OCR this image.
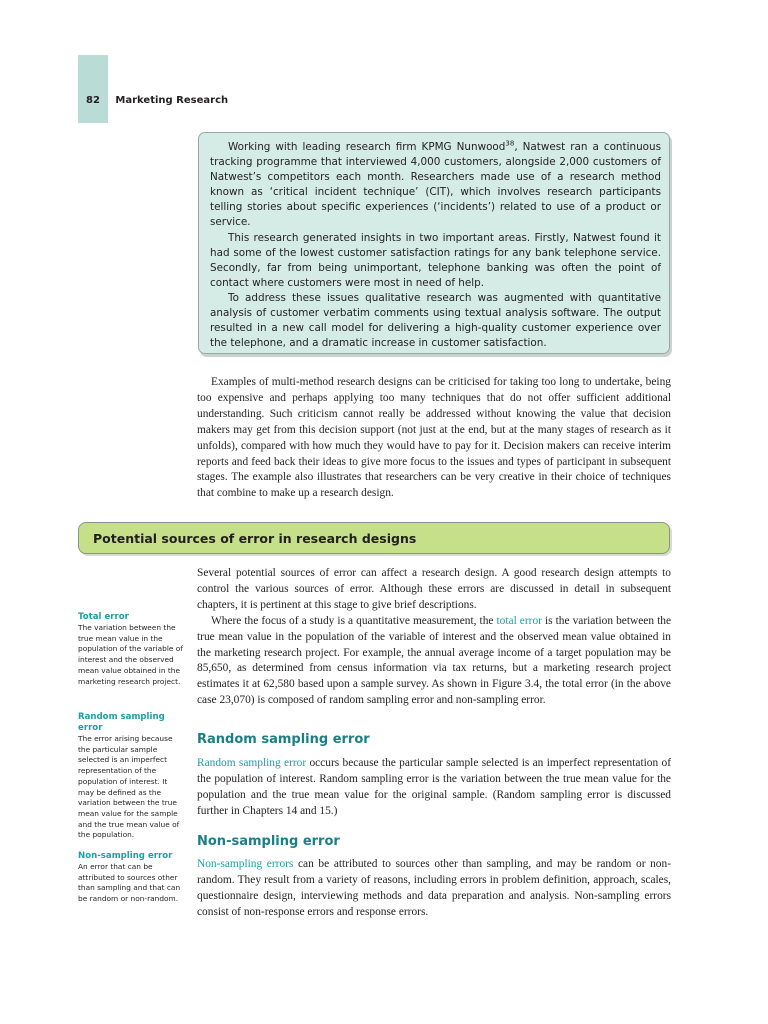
82 Marketing Research

Working with leading research firm KPMG Nunwood$^{38}$, Natwest ran a continuous tracking programme that interviewed 4,000 customers, alongside 2,000 customers of Natwest’s competitors each month. Researchers made use of a research method known as ‘critical incident technique’ (CIT), which involves research participants telling stories about specific experiences (‘incidents’) related to use of a product or service.

This research generated insights in two important areas. Firstly, Natwest found it had some of the lowest customer satisfaction ratings for any bank telephone service. Secondly, far from being unimportant, telephone banking was often the point of contact where customers were most in need of help.

To address these issues qualitative research was augmented with quantitative analysis of customer verbatim comments using textual analysis software. The output resulted in a new call model for delivering a high-quality customer experience over the telephone, and a dramatic increase in customer satisfaction.

Examples of multi-method research designs can be criticised for taking too long to undertake, being too expensive and perhaps applying too many techniques that do not offer sufficient additional understanding. Such criticism cannot really be addressed without knowing the value that decision makers may get from this decision support (not just at the end, but at the many stages of research as it unfolds), compared with how much they would have to pay for it. Decision makers can receive interim reports and feed back their ideas to give more focus to the issues and types of participant in subsequent stages. The example also illustrates that researchers can be very creative in their choice of techniques that combine to make up a research design.

Potential sources of error in research designs

Several potential sources of error can affect a research design. A good research design attempts to control the various sources of error. Although these errors are discussed in detail in subsequent chapters, it is pertinent at this stage to give brief descriptions.

Where the focus of a study is a quantitative measurement, the total error is the variation between the true mean value in the population of the variable of interest and the observed mean value obtained in the marketing research project. For example, the annual average income of a target population may be 85,650, as determined from census information via tax returns, but a marketing research project estimates it at 62,580 based upon a sample survey. As shown in Figure 3.4, the total error (in the above case 23,070) is composed of random sampling error and non-sampling error.

Random sampling error

Random sampling error occurs because the particular sample selected is an imperfect representation of the population of interest. Random sampling error is the variation between the true mean value for the population and the true mean value for the original sample. (Random sampling error is discussed further in Chapters 14 and 15.)

Non-sampling error

Non-sampling errors can be attributed to sources other than sampling, and may be random or non-random. They result from a variety of reasons, including errors in problem definition, approach, scales, questionnaire design, interviewing methods and data preparation and analysis. Non-sampling errors consist of non-response errors and response errors.

Total error

The variation between the true mean value in the population of the variable of interest and the observed mean value obtained in the marketing research project.

Random sampling error

The error arising because the particular sample selected is an imperfect representation of the population of interest. It may be defined as the variation between the true mean value for the sample and the true mean value of the population.

Non-sampling error

An error that can be attributed to sources other than sampling and that can be random or non-random.
